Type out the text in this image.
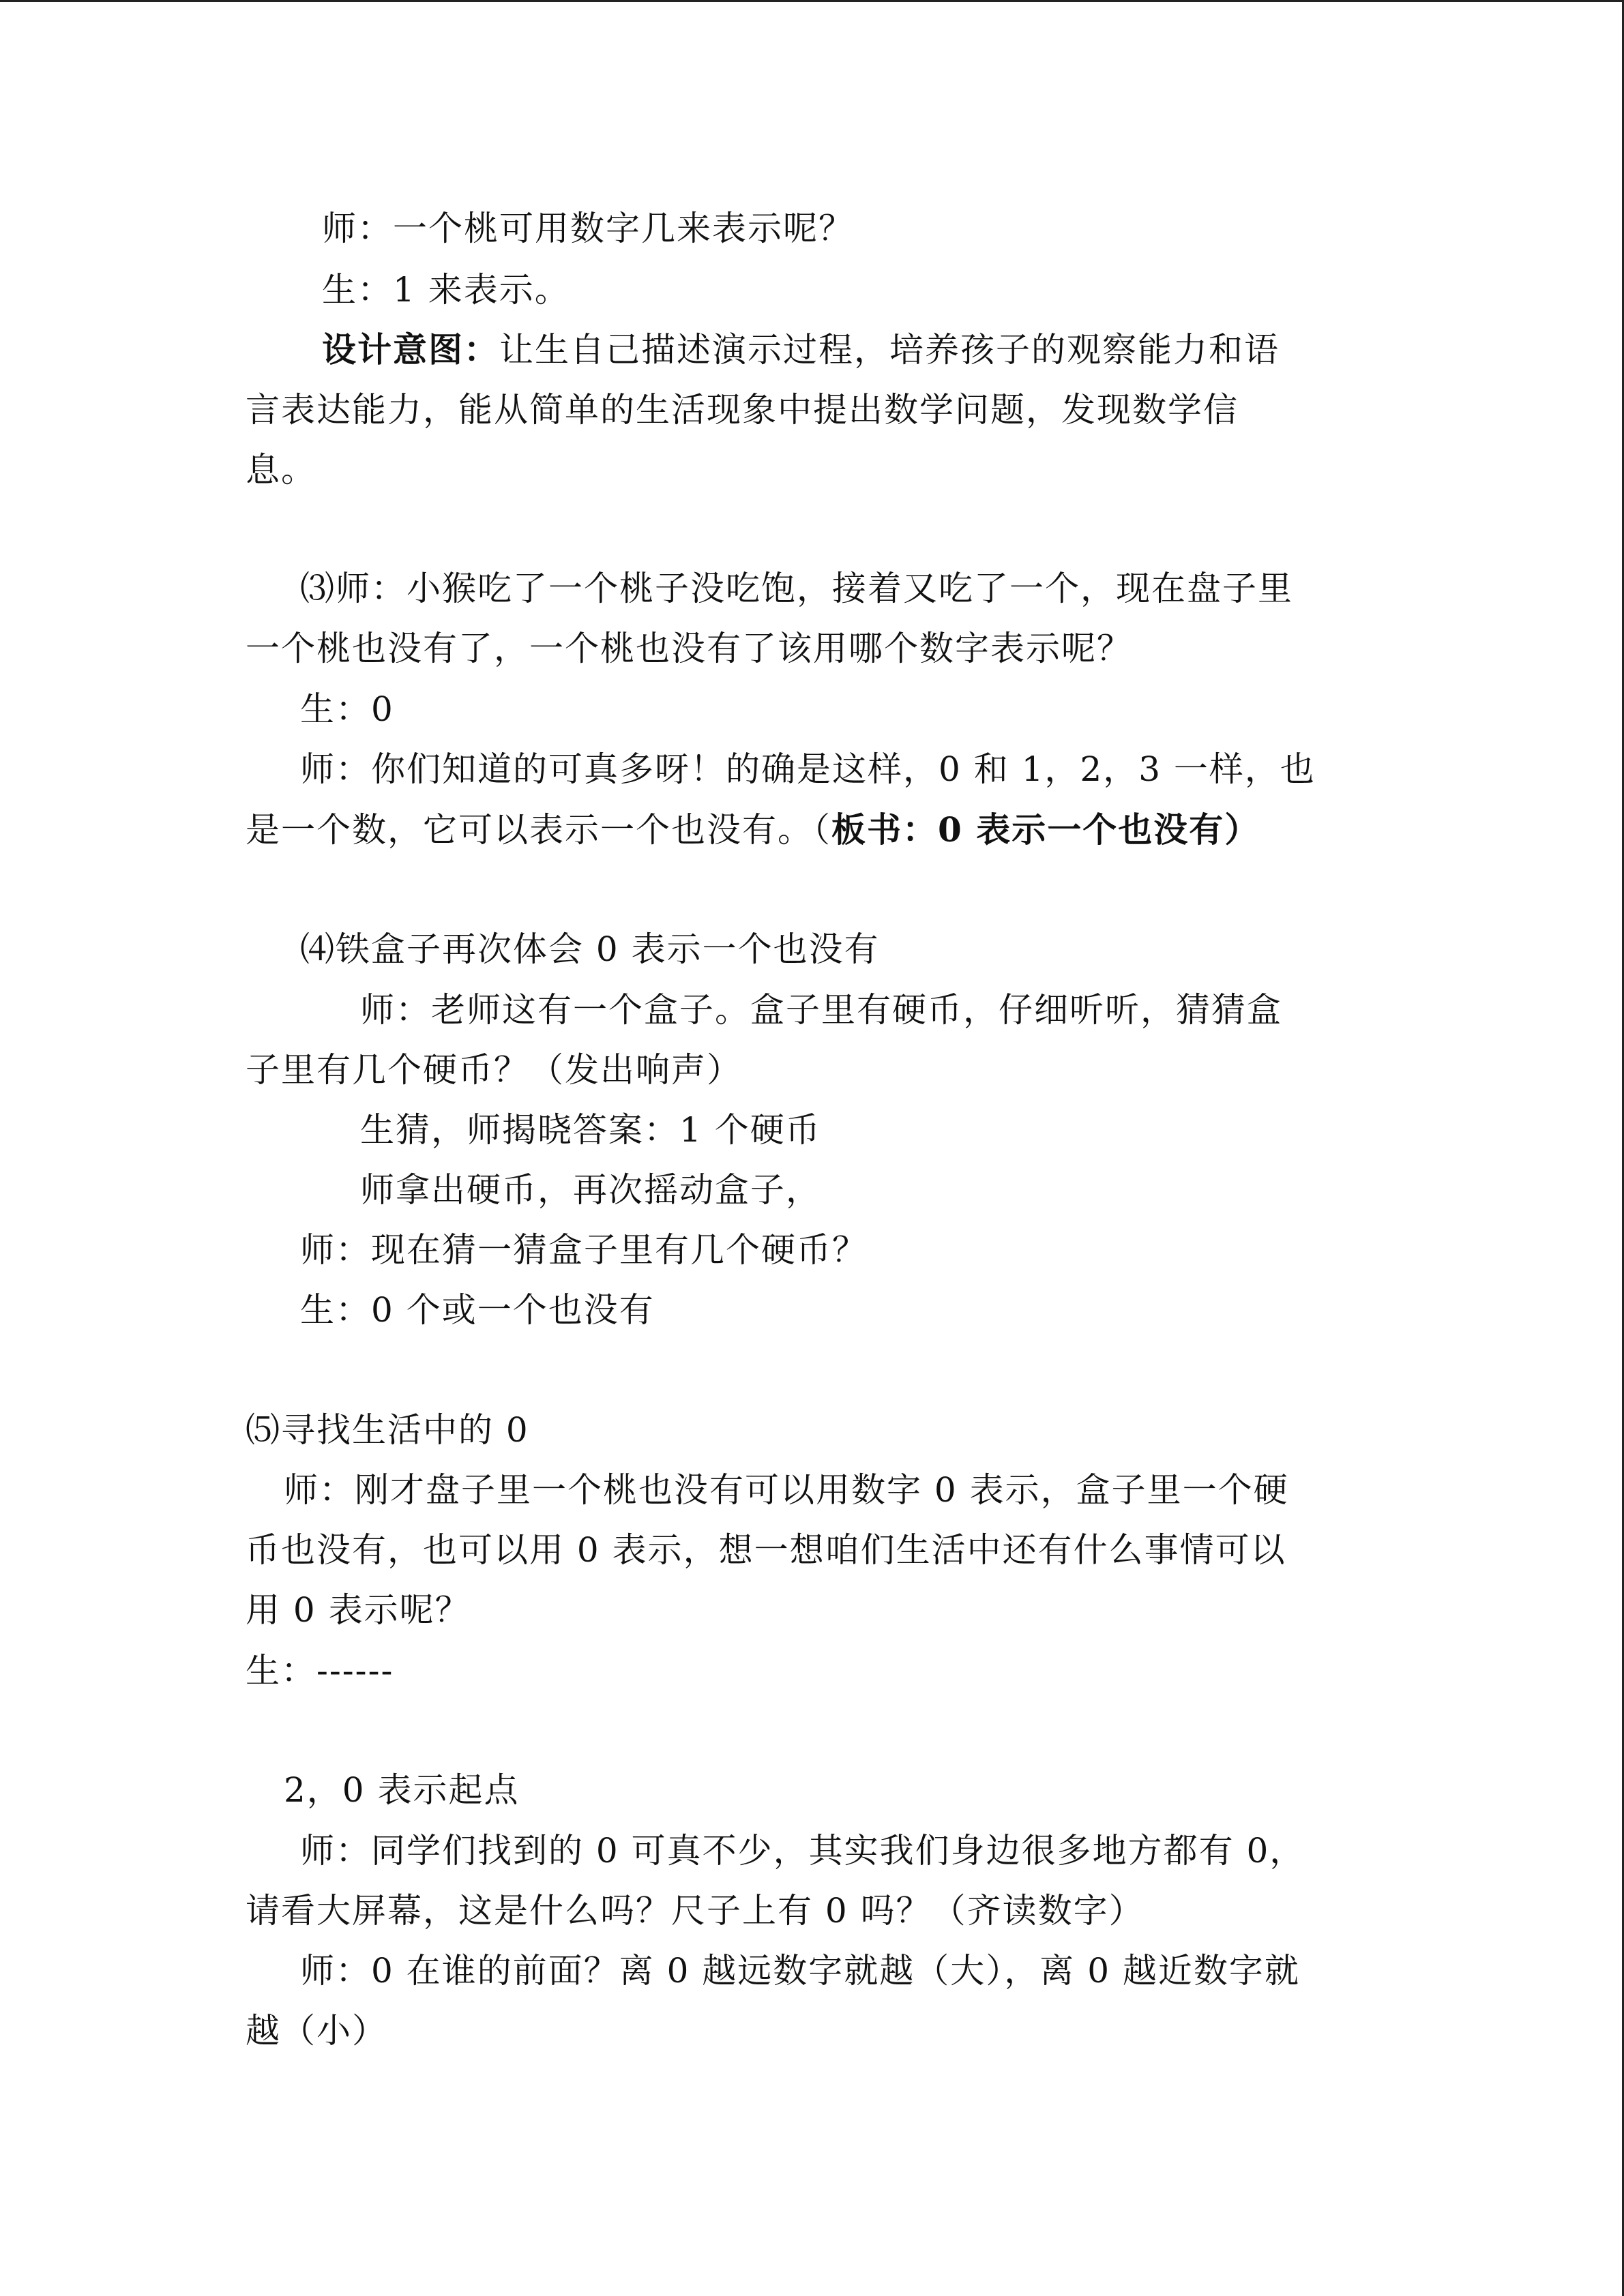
师：一个桃可用数字几来表示呢？
生：1 来表示。
设计意图：让生自己描述演示过程，培养孩子的观察能力和语
言表达能力，能从简单的生活现象中提出数学问题，发现数学信
息。
⑶师：小猴吃了一个桃子没吃饱，接着又吃了一个，现在盘子里
一个桃也没有了，一个桃也没有了该用哪个数字表示呢？
生：0
师：你们知道的可真多呀！的确是这样，0 和 1，2，3 一样，也
是一个数，它可以表示一个也没有。（板书：0 表示一个也没有）
⑷铁盒子再次体会 0 表示一个也没有
师：老师这有一个盒子。盒子里有硬币，仔细听听，猜猜盒
子里有几个硬币？（发出响声）
生猜，师揭晓答案：1 个硬币
师拿出硬币，再次摇动盒子，
师：现在猜一猜盒子里有几个硬币？
生：0 个或一个也没有
⑸寻找生活中的 0
师：刚才盘子里一个桃也没有可以用数字 0 表示，盒子里一个硬
币也没有，也可以用 0 表示，想一想咱们生活中还有什么事情可以
用 0 表示呢？
生：------
2，0 表示起点
师：同学们找到的 0 可真不少，其实我们身边很多地方都有 0，
请看大屏幕，这是什么吗？尺子上有 0 吗？（齐读数字）
师：0 在谁的前面？离 0 越远数字就越（大），离 0 越近数字就
越（小）
